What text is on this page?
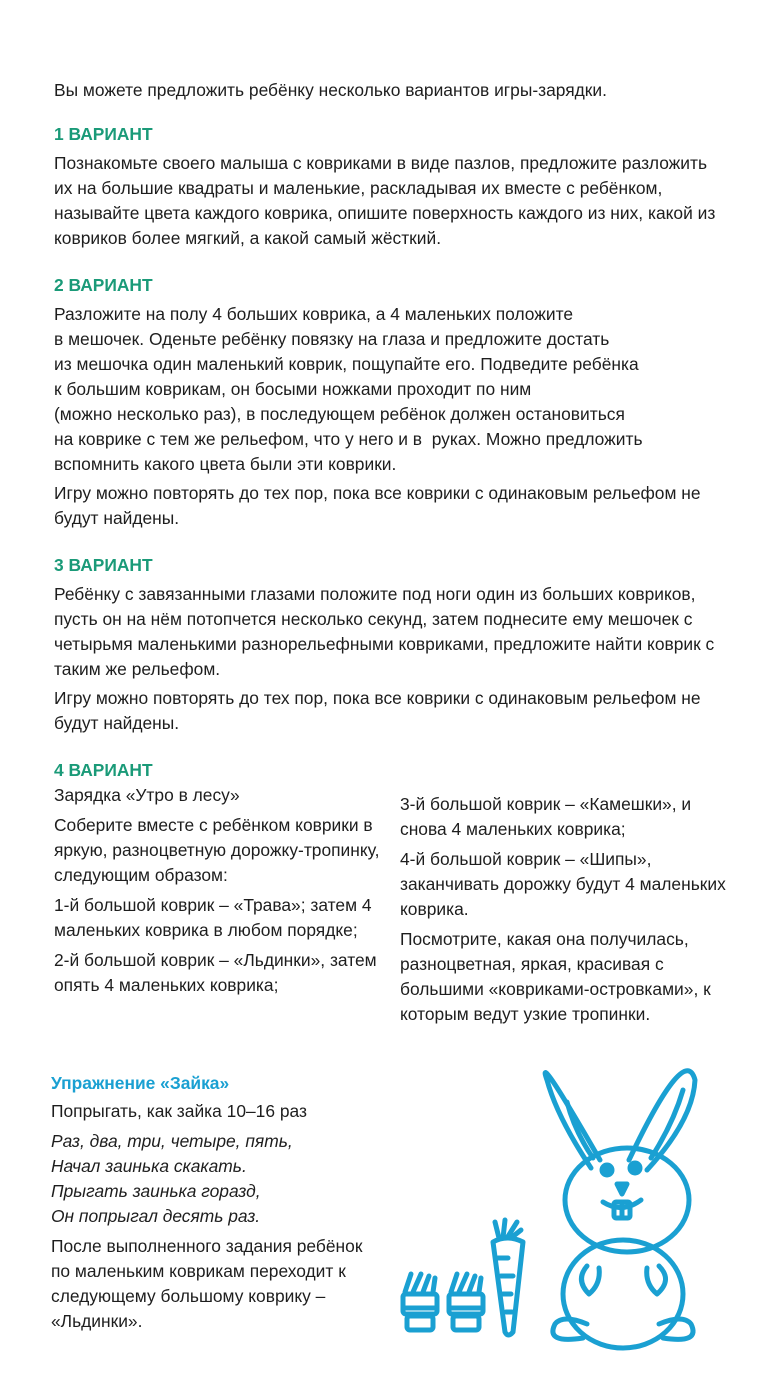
Вы можете предложить ребёнку несколько вариантов игры-зарядки.

1 ВАРИАНТ

Познакомьте своего малыша с ковриками в виде пазлов, предложите разложить их на большие квадраты и маленькие, раскладывая их вместе с ребёнком, называйте цвета каждого коврика, опишите поверхность каждого из них, какой из ковриков более мягкий, а какой самый жёсткий.

2 ВАРИАНТ

Разложите на полу 4 больших коврика, а 4 маленьких положите
в мешочек. Оденьте ребёнку повязку на глаза и предложите достать
из мешочка один маленький коврик, пощупайте его. Подведите ребёнка
к большим коврикам, он босыми ножками проходит по ним
(можно несколько раз), в последующем ребёнок должен остановиться
на коврике с тем же рельефом, что у него и в  руках. Можно предложить
вспомнить какого цвета были эти коврики.

Игру можно повторять до тех пор, пока все коврики с одинаковым рельефом не будут найдены.

3 ВАРИАНТ

Ребёнку с завязанными глазами положите под ноги один из больших ковриков, пусть он на нём потопчется несколько секунд, затем поднесите ему мешочек с четырьмя маленькими разнорельефными ковриками, предложите найти коврик с таким же рельефом.

Игру можно повторять до тех пор, пока все коврики с одинаковым рельефом не будут найдены.

4 ВАРИАНТ

Зарядка «Утро в лесу»

Соберите вместе с ребёнком коврики в яркую, разноцветную дорожку-тропинку, следующим образом:

1-й большой коврик – «Трава»; затем 4 маленьких коврика в любом порядке;

2-й большой коврик – «Льдинки», затем опять 4 маленьких коврика;

3-й большой коврик – «Камешки», и снова 4 маленьких коврика;

4-й большой коврик – «Шипы», заканчивать дорожку будут 4 маленьких коврика.

Посмотрите, какая она получилась, разноцветная, яркая, красивая с большими «ковриками-островками», к которым ведут узкие тропинки.

Упражнение «Зайка»

Попрыгать, как зайка 10–16 раз

Раз, два, три, четыре, пять,

Начал заинька скакать.

Прыгать заинька горазд,

Он попрыгал десять раз.

После выполненного задания ребёнок по маленьким коврикам переходит к следующему большому коврику – «Льдинки».
